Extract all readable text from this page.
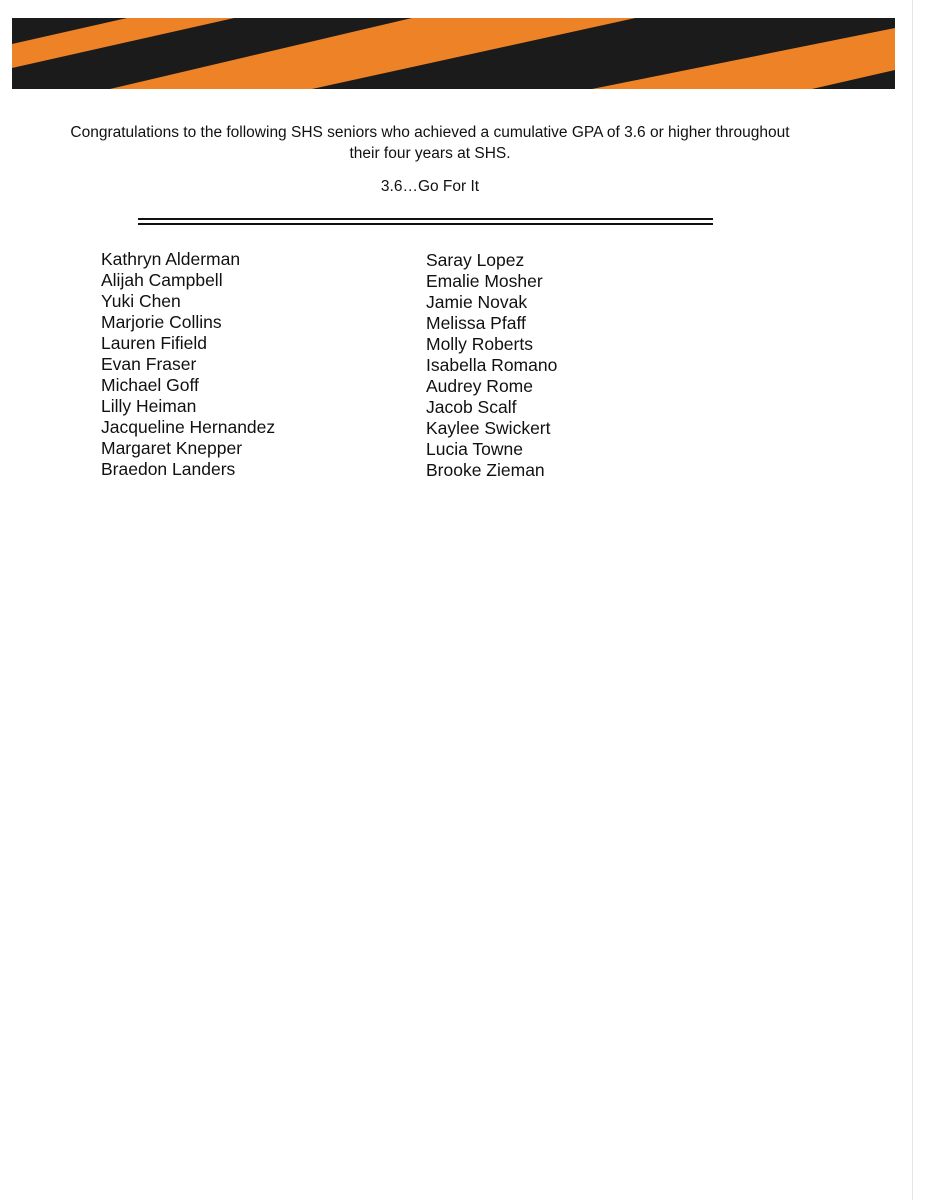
Congratulations to the following SHS seniors who achieved a cumulative GPA of 3.6 or higher throughout
their four years at SHS.
3.6…Go For It
Kathryn Alderman
Alijah Campbell
Yuki Chen
Marjorie Collins
Lauren Fifield
Evan Fraser
Michael Goff
Lilly Heiman
Jacqueline Hernandez
Margaret Knepper
Braedon Landers
Saray Lopez
Emalie Mosher
Jamie Novak
Melissa Pfaff
Molly Roberts
Isabella Romano
Audrey Rome
Jacob Scalf
Kaylee Swickert
Lucia Towne
Brooke Zieman
